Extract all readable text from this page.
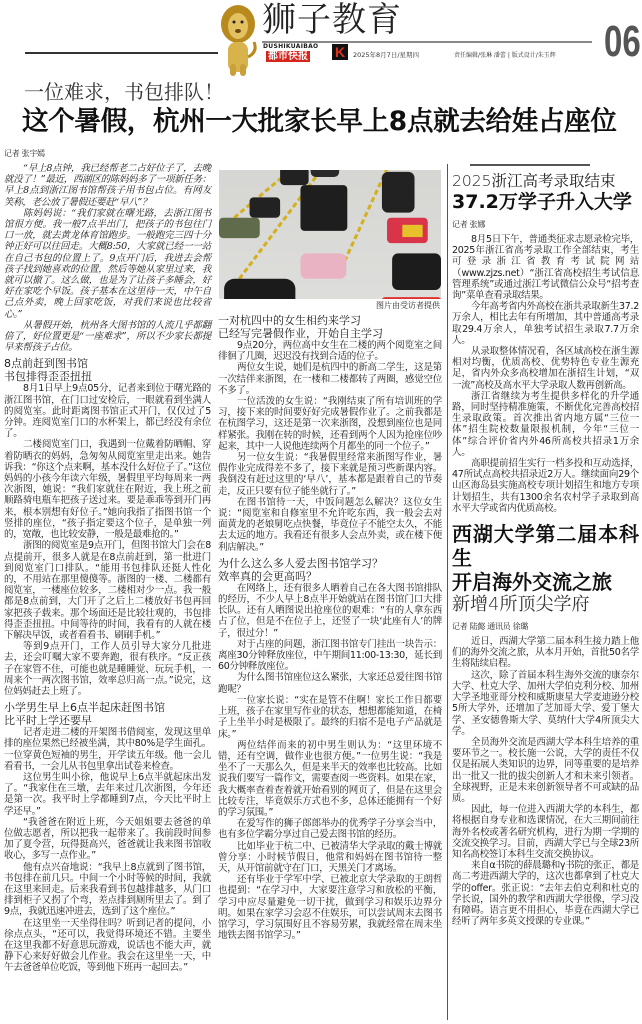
狮子教育
DUSHIKUAIBAO
都市快报 K	2025年8月7日/星期四	责任编辑/张琳 潘蕾 | 版式设计/朱玉辉 06
一位难求，书包排队！
这个暑假，杭州一大批家长早上8点就去给娃占座位
记者 张宇嫣

“早上8点钟，我已经帮老二占好位子了，去晚就没了！”最近，西湖区的陈妈妈多了一项新任务：早上8点到浙江图书馆帮孩子用书包占位。有网友笑称，老公放了暑假还要赶“早八”？

陈妈妈说：“我们家就在曙光路，去浙江图书馆很方便。我一般7点半出门，把孩子的书包往门口一放，就去黄龙体育馆跑步。一般跑完三四十分钟正好可以往回走。大概8:50，大家就已经一一站在自己书包的位置上了。9点开门后，我进去会帮孩子找到她喜欢的位置，然后等她从家里过来，我就可以撤了。这么做，也是为了让孩子多睡会，好好在家吃个早饭。孩子基本在这里待一天，中午自己点外卖，晚上回家吃饭，对我们来说也比较省心。”

从暑假开始，杭州各大图书馆的人流几乎都翻倍了，好位置更是“一座难求”，所以不少家长都提早来帮孩子占位。

8点前赶到图书馆
书包排得歪歪扭扭

8月1日早上9点05分，记者来到位于曙光路的浙江图书馆，在门口过安检后，一眼就看到坐满人的阅览室。此时距离图书馆正式开门，仅仅过了5分钟。连阅览室门口的水杯架上，都已经没有余位了。

二楼阅览室门口，我遇到一位戴着防晒帽、穿着防晒衣的妈妈，急匆匆从阅览室里走出来。她告诉我：“你这个点来啊，基本没什么好位子了。”这位妈妈的小孩今年读六年级，暑假里平均每周来一两次浙图，她说：“我们家就住在附近，我上班之前顺路骑电瓶车把孩子送过来。要是乖乖等到开门再来，根本别想有好位子。”她向我指了指图书馆一个竖排的座位，“孩子指定要这个位子，是单独一列的，宽敞，也比较安静，一般是最难抢的。”

浙图的阅览室是9点开门，但图书馆大门会在8点提前开，很多人就是在8点前赶到，第一批进门到阅览室门口排队。“能用书包排队还挺人性化的，不用站在那里傻傻等。浙图的一楼、二楼都有阅览室，一楼座位较多，二楼相对少一点。我一般都是8点前到，大门开了之后上二楼放好书包再回家把孩子载来。那个场面还是比较壮观的，书包排得歪歪扭扭。中间等待的时间，我看有的人就在楼下解决早饭，或者看看书、刷刷手机。”

等到9点开门，工作人员引导大家分几批进去，还会叮嘱大家不要奔跑，很有秩序。“反正孩子在家管不住，可能也就是睡睡觉、玩玩手机，一周来个一两次图书馆，效率总归高一点。”说完，这位妈妈赶去上班了。

小学男生早上6点半起床赶图书馆
比平时上学还要早

记者走进二楼的开架图书借阅室，发现这里单排的座位果然已经被坐满，其中80%是学生面孔。一位穿黄色短袖的男生，开学读五年级。他一会儿看看书，一会儿从书包里拿出试卷来检查。

这位男生叫小徐，他说早上6点半就起床出发了。“我家住在三墩，去年来过几次浙图，今年还是第一次。我平时上学都睡到7点，今天比平时上学还早。”

“我爸爸在附近上班，今天姐姐要去爸爸的单位做志愿者，所以把我一起带来了。我前段时间参加了夏令营，玩得挺高兴，爸爸就让我来图书馆收收心，多写一点作业。”

他有点兴奋地说：“我早上8点就到了图书馆，书包排在前几只。中间一个小时等候的时间，我就在这里来回走。后来我看到书包越排越多，从门口排到柜子又拐了个弯，差点排到厕所里去了。到了9点，我就迅速冲进去，选到了这个座位。”

在这里坐一天坐得住吗？听到记者的提问，小徐点点头，“还可以，我觉得环境还不错。主要坐在这里我都不好意思玩游戏，说话也不能大声，就静下心来好好做会儿作业。我会在这里坐一天，中午去爸爸单位吃饭，等到他下班再一起回去。”

图片由受访者提供
一对杭四中的女生相约来学习
已经写完暑假作业，开始自主学习

9点20分，两位高中女生在二楼的两个阅览室之间徘徊了几圈，迟迟没有找到合适的位子。

两位女生说，她们是杭四中的新高二学生，这是第一次结伴来浙图，在一楼和二楼都转了两圈，感觉空位不多了。

一位活泼的女生说：“我刚结束了所有培训班的学习，接下来的时间要好好完成暑假作业了。之前我都是在杭图学习，这还是第一次来浙图，没想到座位也是同样紧张。我刚在转的时候，还看到两个人因为抢座位吵起来，其中一人说他连续两个月都坐的同一个位子。”

另一位女生说：“我暑假里经常来浙图写作业，暑假作业完成得差不多了，接下来就是预习些新课内容。我倒没有赶过这里的‘早八’，基本都是跟着自己的节奏走，反正只要有位子能坐就行了。”

在图书馆待一天，中饭问题怎么解决？这位女生说：“阅览室和自修室里不允许吃东西，我一般会去对面黄龙的老娘舅吃点快餐，毕竟位子不能空太久，不能去太远的地方。我看还有很多人会点外卖，或在楼下便利店解决。”

为什么这么多人爱去图书馆学习？
效率真的会更高吗？

在网络上，还有很多人晒着自己在各大图书馆排队的经历，不少人早上8点半开始就站在图书馆门口大排长队。还有人晒图说出抢座位的艰难：“有的人拿东西占了位，但是不在位子上，还竖了一块‘此座有人’的牌子，很过分！”

对于占座的问题，浙江图书馆专门挂出一块告示：离座30分钟释放座位，中午期间11:00-13:30，延长到60分钟释放座位。

为什么图书馆座位这么紧张，大家还总爱往图书馆跑呢？

一位家长说：“实在是管不住啊！家长工作日都要上班，孩子在家里写作业的状态，想想都能知道，在椅子上坐半小时是极限了。最终的归宿不是电子产品就是床。”

两位结伴而来的初中男生则认为：“这里环境不错，还有空调，做作业也很方便。”一位男生说：“我是坐不了一天那么久，但是来半天的效率也比较高。比如说我们要写一篇作文，需要查阅一些资料。如果在家，我大概率查着查着就开始看别的网页了，但是在这里会比较专注，毕竟娱乐方式也不多，总体还能拥有一个好的学习氛围。”

在爱写作的狮子郎郎举办的优秀学子分享会当中，也有多位学霸分享过自己爱去图书馆的经历。

比如毕业于杭二中、已被清华大学录取的戴士博就曾分享：小时候节假日，他常和妈妈在图书馆待一整天，从开馆前就守在门口，天黑关门才离场。

还有毕业于学军中学、已被北京大学录取的王朗哲也提到：“在学习中，大家要注意学习和放松的平衡，学习中应尽量避免一切干扰，做到学习和娱乐边界分明。如果在家学习会忍不住娱乐，可以尝试周末去图书馆学习，学习氛围好且不容易劳累，我就经常在周末坐地铁去图书馆学习。”

2025浙江高考录取结束
37.2万学子升入大学
记者 张娜

8月5日下午，普通类征求志愿录检完毕，2025年浙江省高考录取工作全部结束，考生可登录浙江省教育考试院网站（www.zjzs.net）“浙江省高校招生考试信息管理系统”或通过浙江考试微信公众号“招考查询”菜单查看录取结果。

今年高考省内外高校在浙共录取新生37.2万余人，相比去年有所增加，其中普通高考录取29.4万余人，单独考试招生录取7.7万余人。

从录取整体情况看，各区域高校在浙生源相对均衡，优质高校、优势特色专业生源充足，省内外众多高校增加在浙招生计划，“双一流”高校及高水平大学录取人数再创新高。

浙江省继续为考生提供多样化的升学通路，同时坚持精准施策，不断优化完善高校招生录取政策。首次推出省内地方属“三位一体”招生院校数量限报机制，今年“三位一体”综合评价省内外46所高校共招录1万余人。

高职提前招生实行一档多投和互动选择，47所试点高校共招录近2万人。继续面向29个山区海岛县实施高校专项计划招生和地方专项计划招生，共有1300余名农村学子录取到高水平大学或省内优质高校。

西湖大学第二届本科生
开启海外交流之旅
新增4所顶尖学府
记者 陆懿 通讯员 徐璐

近日，西湖大学第二届本科生接力踏上他们的海外交流之旅，从本月开始，首批50名学生将陆续启程。

这次，除了首届本科生海外交流的康奈尔大学、杜克大学、加州大学伯克利分校、加州大学圣地亚哥分校和威斯康星大学麦迪逊分校5所大学外，还增加了芝加哥大学、爱丁堡大学、圣安德鲁斯大学、莫纳什大学4所顶尖大学。

全员海外交流是西湖大学本科生培养的重要环节之一。校长施一公说，大学的责任不仅仅是拓展人类知识的边界，同等重要的是培养出一批又一批的拔尖创新人才和未来引领者。全球视野，正是未来创新领导者不可或缺的品质。

因此，每一位进入西湖大学的本科生，都将根据自身专业和选课情况，在大三期间前往海外名校或著名研究机构，进行为期一学期的交流交换学习。目前，西湖大学已与全球23所知名高校签订本科生交流交换协议。

来自α书院的薛晨璐和γ书院的张正，都是高二考进西湖大学的，这次也都拿到了杜克大学的offer。张正说：“去年去伯克利和杜克的学长说，国外的教学和西湖大学很像，学习没有障碍。语言更不用担心，毕竟在西湖大学已经听了两年多英文授课的专业课。”
